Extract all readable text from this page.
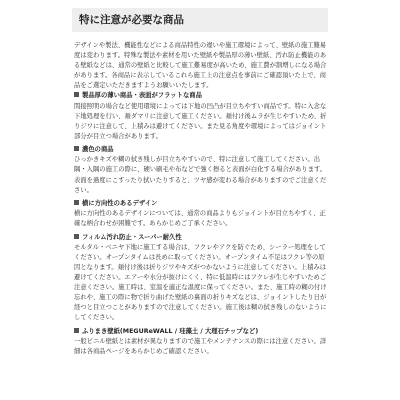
特に注意が必要な商品

デザインや製法、機能性などによる商品特性の違いや施工環境によって、壁紙の施工難易度は変わります。特殊な製法や素材を用いた壁紙や製品厚の薄い壁紙、汚れ防止機能のある壁紙などは、通常の壁紙と比較して施工難易度が高いため、施工費が割増しになる場合があります。各商品に表示しているこれら施工上の注意点を事前にご確認頂いた上で、商品をご選定いただきますようお願いいたします。

製品厚の薄い商品・表面がフラットな商品

間接照明の場合など使用環境によっては下地の凹凸が目立ちやすい商品です。特に入念な下地処理を行い、頬ダマリに注意して施工ください。頬付け後ムラが生じやすいため、折りジワに注意して、上積みは避けてください。また見る角度や環境によってはジョイント部分が目立つ場合があります。

濃色の商品

ひっかきキズや糊の拭き残しが目立ちやすいので、特に注意して施工してください。出隅・入隅の施工の際に、硬い刷毛や布などで強く擦ると表面が白化する場合があります。表面を過度にこすったり拭いたりすると、ツヤ感が変わる場合がありますのでご注意ください。

横に方向性のあるデザイン

横に方向性のあるデザインについては、通常の商品よりもジョイントが目立ちやすく、正確な柄合わせが困難です。あらかじめご了承ください。

フィルム汚れ防止・スーパー耐久性

モルタル・ベニヤ下地に施工する場合は、フクレやアクを防ぐため、シーラー処理をしてください。オープンタイムは長めに取ってください。オープンタイム不足はフクレ等の原因となります。頬付け後は折りジワやキズがつかないように注意してください。上積みは避けてください。エアーや水分が抜けにくく、特に低温時にはフクレが生じやすいためご注意ください。施工時は、室温を適正な温度に保ってください。また、施工時の糊の付け忘れや、施工の際に物で折り曲げた壁紙の裏面の折りキズなどは、ジョイントしたり日が経つと目立つことがありますので注意してください。施工後は糊の拭き残しのないようにしてください。

ふりまき壁紙(MEGUReWALL / 珪藻土 / 大理石チップなど)

一般ビニル壁紙とは素材が異なりますので施工やメンテナンスの際には注意ください。詳細は各商品ページをあらかじめご確認ください。
